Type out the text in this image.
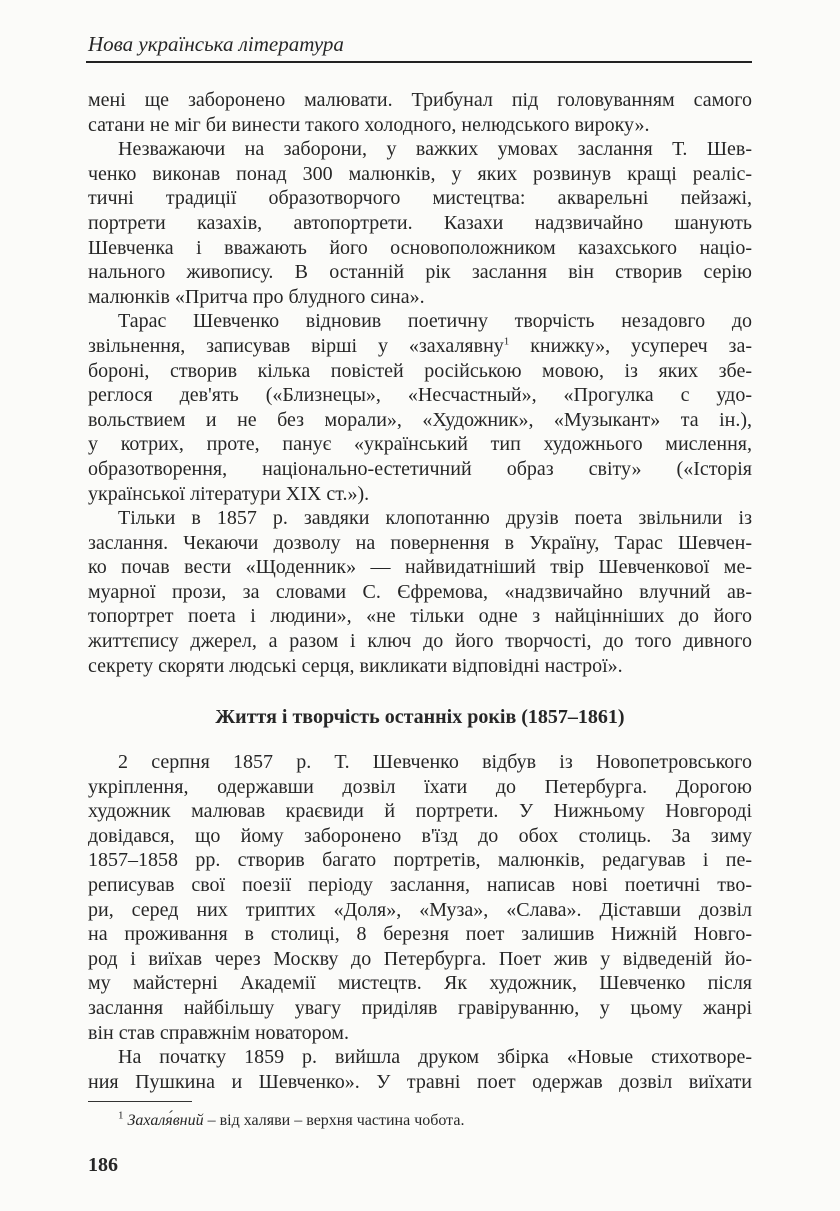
Нова українська література
мені ще заборонено малювати. Трибунал під головуванням самого
сатани не міг би винести такого холодного, нелюдського вироку».
Незважаючи на заборони, у важких умовах заслання Т. Шев-
ченко виконав понад 300 малюнків, у яких розвинув кращі реаліс-
тичні традиції образотворчого мистецтва: акварельні пейзажі,
портрети казахів, автопортрети. Казахи надзвичайно шанують
Шевченка і вважають його основоположником казахського націо-
нального живопису. В останній рік заслання він створив серію
малюнків «Притча про блудного сина».
Тарас Шевченко відновив поетичну творчість незадовго до
звільнення, записував вірші у «захалявну$^1$ книжку», усупереч за-
бороні, створив кілька повістей російською мовою, із яких збе-
реглося дев'ять («Близнецы», «Несчастный», «Прогулка с удо-
вольствием и не без морали», «Художник», «Музыкант» та ін.),
у котрих, проте, панує «український тип художнього мислення,
образотворення, національно-естетичний образ світу» («Історія
української літератури XIX ст.»).
Тільки в 1857 р. завдяки клопотанню друзів поета звільнили із
заслання. Чекаючи дозволу на повернення в Україну, Тарас Шевчен-
ко почав вести «Щоденник» — найвидатніший твір Шевченкової ме-
муарної прози, за словами С. Єфремова, «надзвичайно влучний ав-
топортрет поета і людини», «не тільки одне з найцінніших до його
життєпису джерел, а разом і ключ до його творчості, до того дивного
секрету скоряти людські серця, викликати відповідні настрої».
Життя і творчість останніх років (1857–1861)
2 серпня 1857 р. Т. Шевченко відбув із Новопетровського
укріплення, одержавши дозвіл їхати до Петербурга. Дорогою
художник малював краєвиди й портрети. У Нижньому Новгороді
довідався, що йому заборонено в'їзд до обох столиць. За зиму
1857–1858 рр. створив багато портретів, малюнків, редагував і пе-
реписував свої поезії періоду заслання, написав нові поетичні тво-
ри, серед них триптих «Доля», «Муза», «Слава». Діставши дозвіл
на проживання в столиці, 8 березня поет залишив Нижній Новго-
род і виїхав через Москву до Петербурга. Поет жив у відведеній йо-
му майстерні Академії мистецтв. Як художник, Шевченко після
заслання найбільшу увагу приділяв гравіруванню, у цьому жанрі
він став справжнім новатором.
На початку 1859 р. вийшла друком збірка «Новые стихотворе-
ния Пушкина и Шевченко». У травні поет одержав дозвіл виїхати
$^1$ Захаля́вний – від халяви – верхня частина чобота.
186
